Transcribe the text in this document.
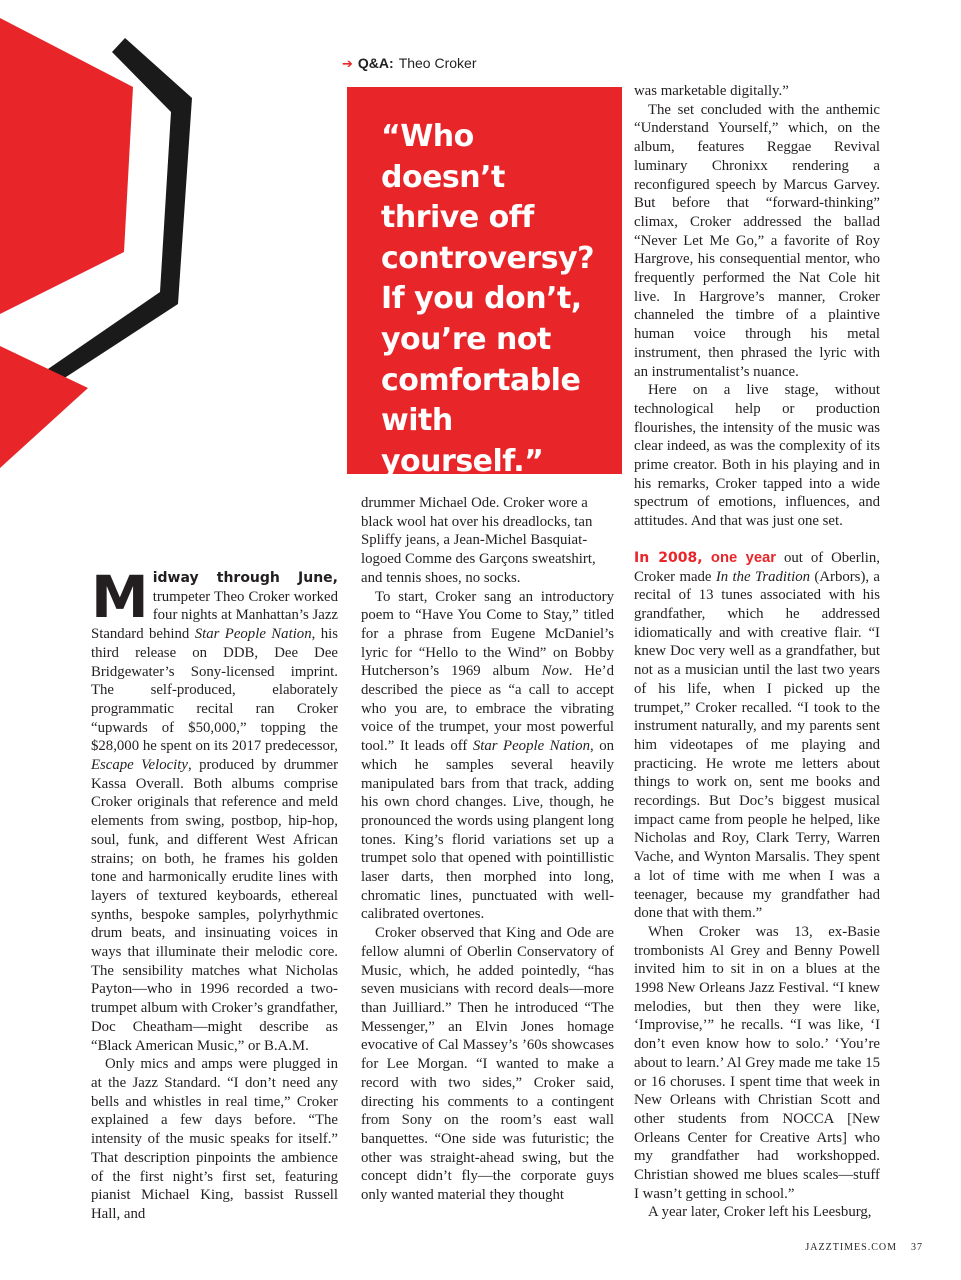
➔ Q&A: Theo Croker

“Who doesn’t thrive off controversy? If you don’t, you’re not comfortable with yourself.”

Midway through June, trumpeter Theo Croker worked four nights at Manhattan’s Jazz Standard behind Star People Nation, his third release on DDB, Dee Dee Bridgewater’s Sony-licensed imprint. The self-produced, elaborately programmatic recital ran Croker “upwards of $50,000,” topping the $28,000 he spent on its 2017 predecessor, Escape Velocity, produced by drummer Kassa Overall. Both albums comprise Croker originals that reference and meld elements from swing, postbop, hip-hop, soul, funk, and different West African strains; on both, he frames his golden tone and harmonically erudite lines with layers of textured keyboards, ethereal synths, bespoke samples, polyrhythmic drum beats, and insinuating voices in ways that illuminate their melodic core. The sensibility matches what Nicholas Payton—who in 1996 recorded a two-trumpet album with Croker’s grandfather, Doc Cheatham—might describe as “Black American Music,” or B.A.M.

Only mics and amps were plugged in at the Jazz Standard. “I don’t need any bells and whistles in real time,” Croker explained a few days before. “The intensity of the music speaks for itself.” That description pinpoints the ambience of the first night’s first set, featuring pianist Michael King, bassist Russell Hall, and

drummer Michael Ode. Croker wore a black wool hat over his dreadlocks, tan Spliffy jeans, a Jean-Michel Basquiat-logoed Comme des Garçons sweatshirt, and tennis shoes, no socks.

To start, Croker sang an introductory poem to “Have You Come to Stay,” titled for a phrase from Eugene McDaniel’s lyric for “Hello to the Wind” on Bobby Hutcherson’s 1969 album Now. He’d described the piece as “a call to accept who you are, to embrace the vibrating voice of the trumpet, your most powerful tool.” It leads off Star People Nation, on which he samples several heavily manipulated bars from that track, adding his own chord changes. Live, though, he pronounced the words using plangent long tones. King’s florid variations set up a trumpet solo that opened with pointillistic laser darts, then morphed into long, chromatic lines, punctuated with well-calibrated overtones.

Croker observed that King and Ode are fellow alumni of Oberlin Conservatory of Music, which, he added pointedly, “has seven musicians with record deals—more than Juilliard.” Then he introduced “The Messenger,” an Elvin Jones homage evocative of Cal Massey’s ’60s showcases for Lee Morgan. “I wanted to make a record with two sides,” Croker said, directing his comments to a contingent from Sony on the room’s east wall banquettes. “One side was futuristic; the other was straight-ahead swing, but the concept didn’t fly—the corporate guys only wanted material they thought

was marketable digitally.”

The set concluded with the anthemic “Understand Yourself,” which, on the album, features Reggae Revival luminary Chronixx rendering a reconfigured speech by Marcus Garvey. But before that “forward-thinking” climax, Croker addressed the ballad “Never Let Me Go,” a favorite of Roy Hargrove, his consequential mentor, who frequently performed the Nat Cole hit live. In Hargrove’s manner, Croker channeled the timbre of a plaintive human voice through his metal instrument, then phrased the lyric with an instrumentalist’s nuance.

Here on a live stage, without technological help or production flourishes, the intensity of the music was clear indeed, as was the complexity of its prime creator. Both in his playing and in his remarks, Croker tapped into a wide spectrum of emotions, influences, and attitudes. And that was just one set.

In 2008, one year out of Oberlin, Croker made In the Tradition (Arbors), a recital of 13 tunes associated with his grandfather, which he addressed idiomatically and with creative flair. “I knew Doc very well as a grandfather, but not as a musician until the last two years of his life, when I picked up the trumpet,” Croker recalled. “I took to the instrument naturally, and my parents sent him videotapes of me playing and practicing. He wrote me letters about things to work on, sent me books and recordings. But Doc’s biggest musical impact came from people he helped, like Nicholas and Roy, Clark Terry, Warren Vache, and Wynton Marsalis. They spent a lot of time with me when I was a teenager, because my grandfather had done that with them.”

When Croker was 13, ex-Basie trombonists Al Grey and Benny Powell invited him to sit in on a blues at the 1998 New Orleans Jazz Festival. “I knew melodies, but then they were like, ‘Improvise,’” he recalls. “I was like, ‘I don’t even know how to solo.’ ‘You’re about to learn.’ Al Grey made me take 15 or 16 choruses. I spent time that week in New Orleans with Christian Scott and other students from NOCCA [New Orleans Center for Creative Arts] who my grandfather had workshopped. Christian showed me blues scales—stuff I wasn’t getting in school.”

A year later, Croker left his Leesburg,

JAZZTIMES.COM 37
